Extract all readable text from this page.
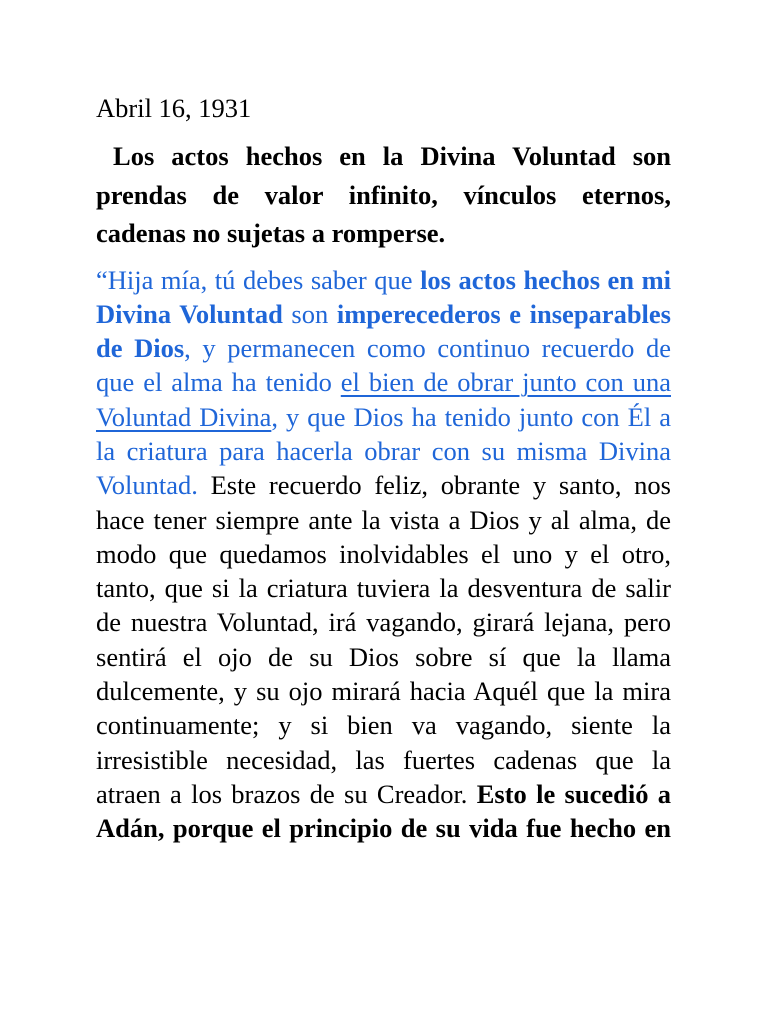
Abril 16, 1931

Los actos hechos en la Divina Voluntad son prendas de valor infinito, vínculos eternos, cadenas no sujetas a romperse.

“Hija mía, tú debes saber que los actos hechos en mi Divina Voluntad son imperecederos e inseparables de Dios, y permanecen como continuo recuerdo de que el alma ha tenido el bien de obrar junto con una Voluntad Divina, y que Dios ha tenido junto con Él a la criatura para hacerla obrar con su misma Divina Voluntad. Este recuerdo feliz, obrante y santo, nos hace tener siempre ante la vista a Dios y al alma, de modo que quedamos inolvidables el uno y el otro, tanto, que si la criatura tuviera la desventura de salir de nuestra Voluntad, irá vagando, girará lejana, pero sentirá el ojo de su Dios sobre sí que la llama dulcemente, y su ojo mirará hacia Aquél que la mira continuamente; y si bien va vagando, siente la irresistible necesidad, las fuertes cadenas que la atraen a los brazos de su Creador. Esto le sucedió a Adán, porque el principio de su vida fue hecho en
